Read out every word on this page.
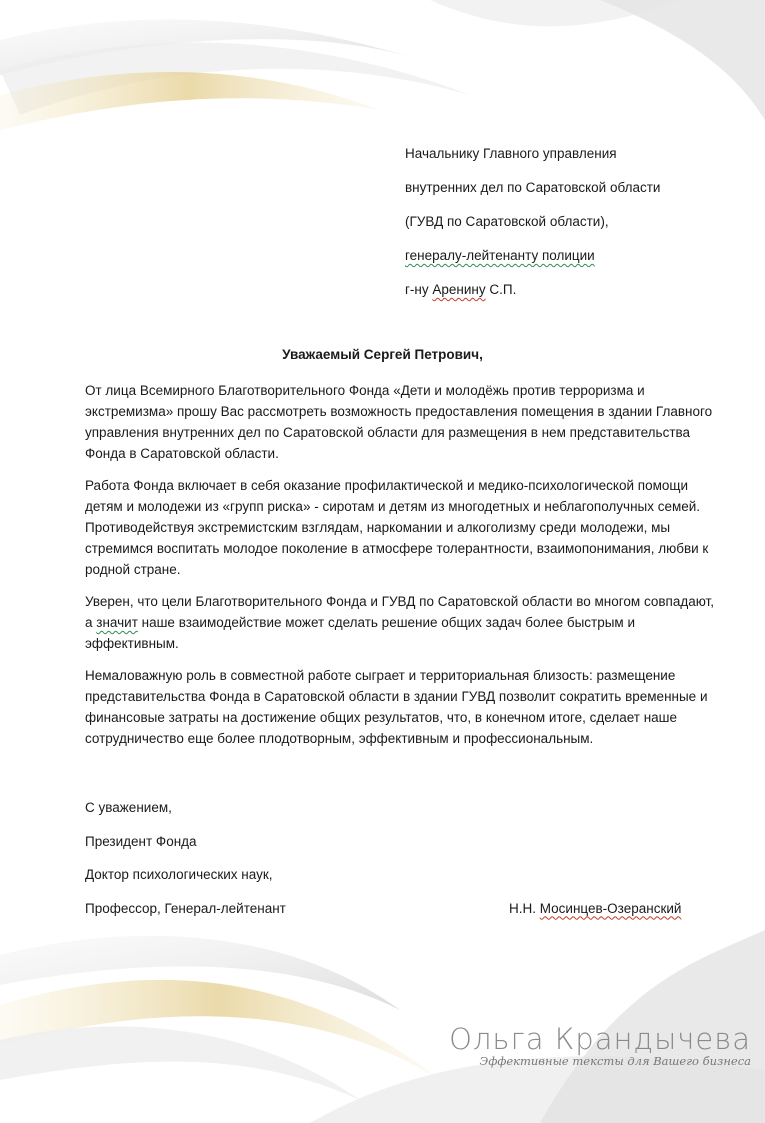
Начальнику Главного управления
внутренних дел по Саратовской области
(ГУВД по Саратовской области),
генералу-лейтенанту полиции
г-ну Аренину С.П.
Уважаемый Сергей Петрович,

От лица Всемирного Благотворительного Фонда «Дети и молодёжь против терроризма и экстремизма» прошу Вас рассмотреть возможность предоставления помещения в здании Главного управления внутренних дел по Саратовской области для размещения в нем представительства Фонда в Саратовской области.

Работа Фонда включает в себя оказание профилактической и медико-психологической помощи детям и молодежи из «групп риска» - сиротам и детям из многодетных и неблагополучных семей. Противодействуя экстремистским взглядам, наркомании и алкоголизму среди молодежи, мы стремимся воспитать молодое поколение в атмосфере толерантности, взаимопонимания, любви к родной стране.

Уверен, что цели Благотворительного Фонда и ГУВД по Саратовской области во многом совпадают, а значит наше взаимодействие может сделать решение общих задач более быстрым и эффективным.

Немаловажную роль в совместной работе сыграет и территориальная близость: размещение представительства Фонда в Саратовской области в здании ГУВД позволит сократить временные и финансовые затраты на достижение общих результатов, что, в конечном итоге, сделает наше сотрудничество еще более плодотворным, эффективным и профессиональным.

С уважением,
Президент Фонда
Доктор психологических наук,
Профессор, Генерал-лейтенант	Н.Н. Мосинцев-Озеранский
Ольга Крандычева
Эффективные тексты для Вашего бизнеса
